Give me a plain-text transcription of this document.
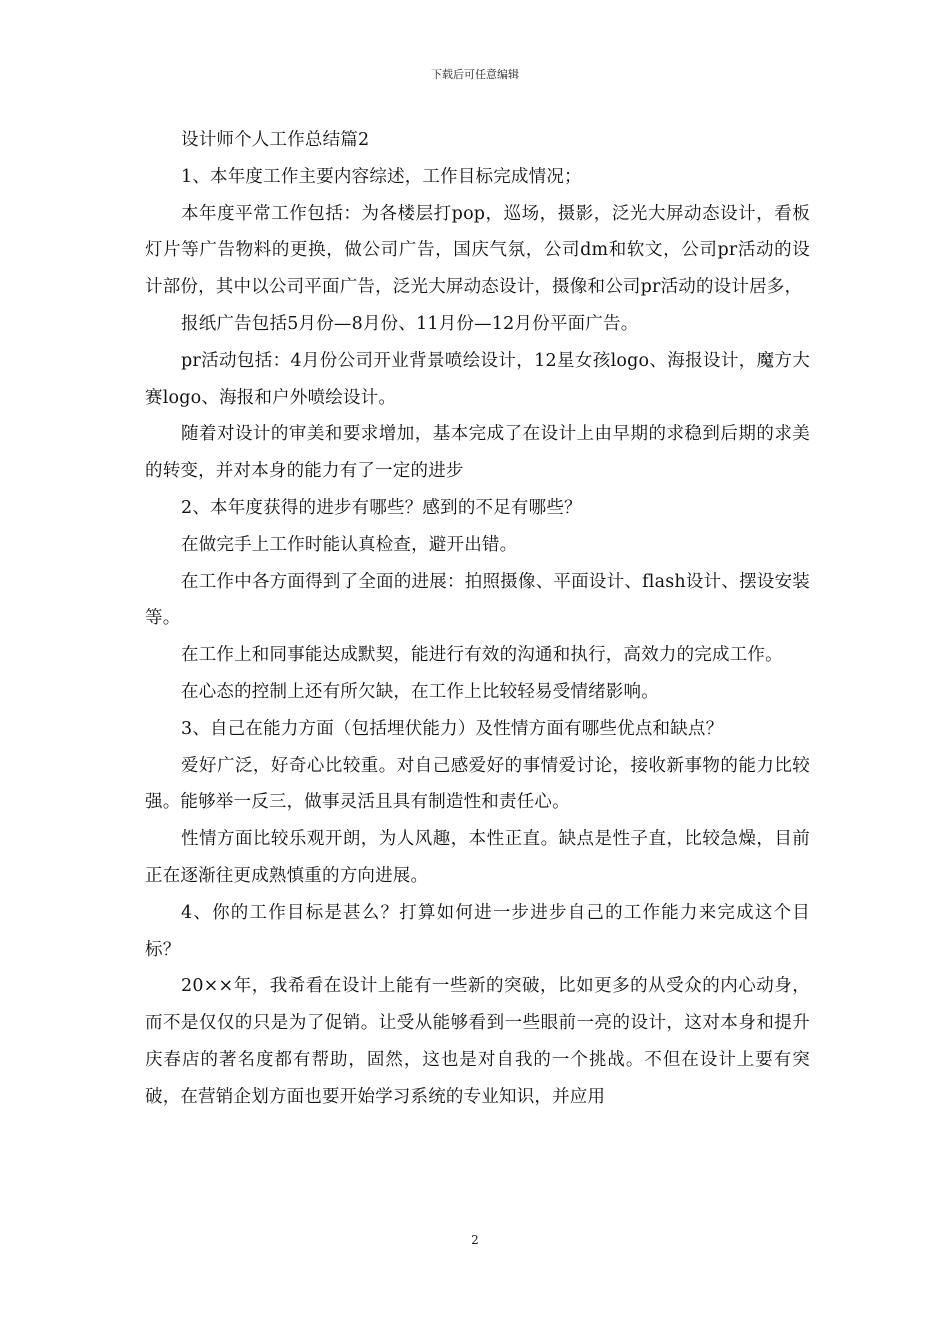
下载后可任意编辑

设计师个人工作总结篇2

1、本年度工作主要内容综述，工作目标完成情况；

本年度平常工作包括：为各楼层打pop，巡场，摄影，泛光大屏动态设计，看板灯片等广告物料的更换，做公司广告，国庆气氛，公司dm和软文，公司pr活动的设计部份，其中以公司平面广告，泛光大屏动态设计，摄像和公司pr活动的设计居多，

报纸广告包括5月份—8月份、11月份—12月份平面广告。

pr活动包括：4月份公司开业背景喷绘设计，12星女孩logo、海报设计，魔方大赛logo、海报和户外喷绘设计。

随着对设计的审美和要求增加，基本完成了在设计上由早期的求稳到后期的求美的转变，并对本身的能力有了一定的进步

2、本年度获得的进步有哪些？感到的不足有哪些？

在做完手上工作时能认真检查，避开出错。

在工作中各方面得到了全面的进展：拍照摄像、平面设计、flash设计、摆设安装等。

在工作上和同事能达成默契，能进行有效的沟通和执行，高效力的完成工作。

在心态的控制上还有所欠缺，在工作上比较轻易受情绪影响。

3、自己在能力方面（包括埋伏能力）及性情方面有哪些优点和缺点？

爱好广泛，好奇心比较重。对自己感爱好的事情爱讨论，接收新事物的能力比较强。能够举一反三，做事灵活且具有制造性和责任心。

性情方面比较乐观开朗，为人风趣，本性正直。缺点是性子直，比较急燥，目前正在逐渐往更成熟慎重的方向进展。

4、你的工作目标是甚么？打算如何进一步进步自己的工作能力来完成这个目标？

20××年，我希看在设计上能有一些新的突破，比如更多的从受众的内心动身，而不是仅仅的只是为了促销。让受从能够看到一些眼前一亮的设计，这对本身和提升庆春店的著名度都有帮助，固然，这也是对自我的一个挑战。不但在设计上要有突破，在营销企划方面也要开始学习系统的专业知识，并应用

2
